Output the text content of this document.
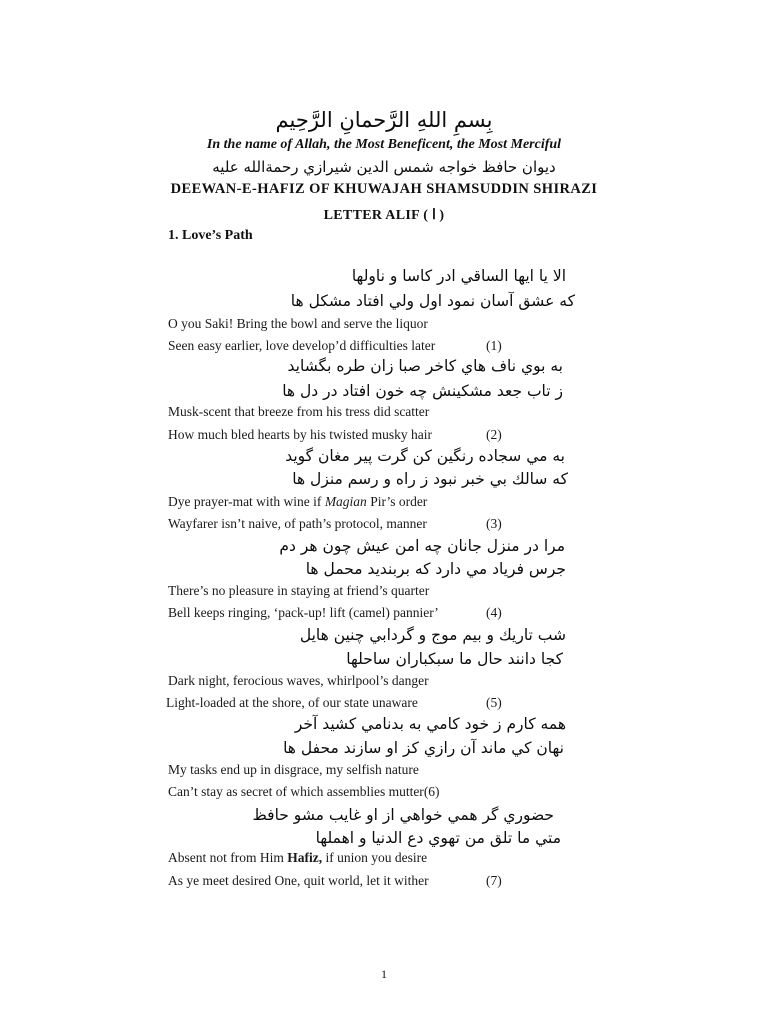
بِسمِ اللهِ الرَّحمانِ الرَّحِيم
In the name of Allah, the Most Beneficent, the Most Merciful
ديوان حافظ خواجه شمس الدين شيرازي رحمةالله عليه
DEEWAN-E-HAFIZ OF KHUWAJAH SHAMSUDDIN SHIRAZI
LETTER ALIF ( ا )
1. Love’s Path
الا يا ايها الساقي ادر كاسا و ناولها
كه عشق آسان نمود اول ولي افتاد مشكل ها
O you Saki! Bring the bowl and serve the liquor
Seen easy earlier, love develop’d difficulties later	(1)
به بوي ناف هاي كاخر صبا زان طره بگشايد
ز تاب جعد مشكينش چه خون افتاد در دل ها
Musk-scent that breeze from his tress did scatter
How much bled hearts by his twisted musky hair	(2)
به مي سجاده رنگين كن گرت پير مغان گويد
كه سالك بي خبر نبود ز راه و رسم منزل ها
Dye prayer-mat with wine if Magian Pir’s order
Wayfarer isn’t naive, of path’s protocol, manner	(3)
مرا در منزل جانان چه امن عيش چون هر دم
جرس فرياد مي دارد كه بربنديد محمل ها
There’s no pleasure in staying at friend’s quarter
Bell keeps ringing, ‘pack-up! lift (camel) pannier’	(4)
شب تاريك و بيم موج و گردابي چنين هايل
كجا دانند حال ما سبكباران ساحلها
Dark night, ferocious waves, whirlpool’s danger
Light-loaded at the shore, of our state unaware	(5)
همه كارم ز خود كامي به بدنامي كشيد آخر
نهان كي ماند آن رازي كز او سازند محفل ها
My tasks end up in disgrace, my selfish nature
Can’t stay as secret of which assemblies mutter(6)
حضوري گر همي خواهي از او غايب مشو حافظ
متي ما تلق من تهوي دع الدنيا و اهملها
Absent not from Him Hafiz, if union you desire
As ye meet desired One, quit world, let it wither	(7)
1
